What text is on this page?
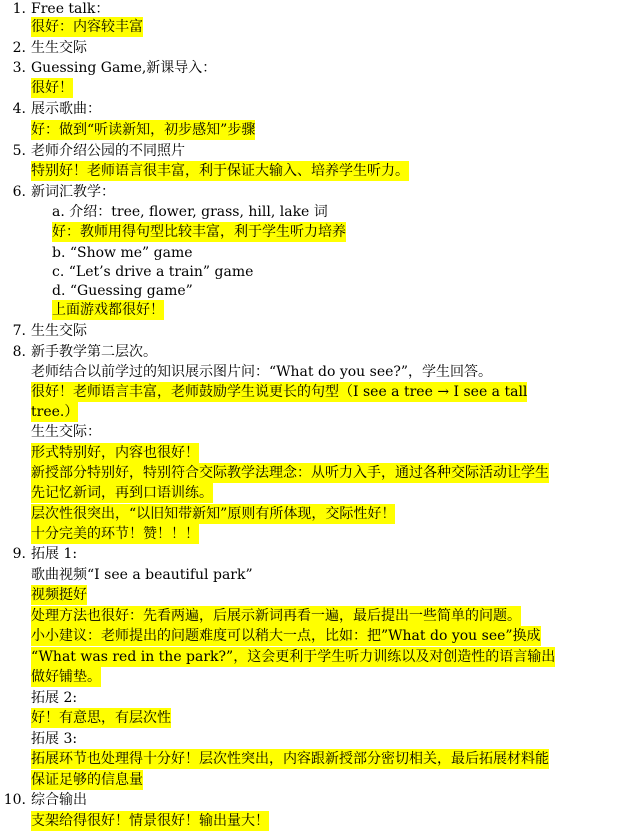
1. Free talk：
很好：内容较丰富
2. 生生交际
3. Guessing Game,新课导入：
很好！
4. 展示歌曲：
好：做到“听读新知，初步感知”步骤
5. 老师介绍公园的不同照片
特别好！老师语言很丰富，利于保证大输入、培养学生听力。
6. 新词汇教学：
a. 介绍：tree, flower, grass, hill, lake 词
好：教师用得句型比较丰富，利于学生听力培养
b. “Show me” game
c. “Let’s drive a train” game
d. “Guessing game”
上面游戏都很好！
7. 生生交际
8. 新手教学第二层次。
老师结合以前学过的知识展示图片问：“What do you see?”，学生回答。
很好！老师语言丰富，老师鼓励学生说更长的句型（I see a tree → I see a tall
tree.）
生生交际：
形式特别好，内容也很好！
新授部分特别好，特别符合交际教学法理念：从听力入手，通过各种交际活动让学生
先记忆新词，再到口语训练。
层次性很突出，“以旧知带新知”原则有所体现，交际性好！
十分完美的环节！赞！！！
9. 拓展 1:
歌曲视频“I see a beautiful park”
视频挺好
处理方法也很好：先看两遍，后展示新词再看一遍，最后提出一些简单的问题。
小小建议：老师提出的问题难度可以稍大一点，比如：把”What do you see”换成
“What was red in the park?”，这会更利于学生听力训练以及对创造性的语言输出
做好铺垫。
拓展 2:
好！有意思，有层次性
拓展 3:
拓展环节也处理得十分好！层次性突出，内容跟新授部分密切相关，最后拓展材料能
保证足够的信息量
10. 综合输出
支架给得很好！情景很好！输出量大！
